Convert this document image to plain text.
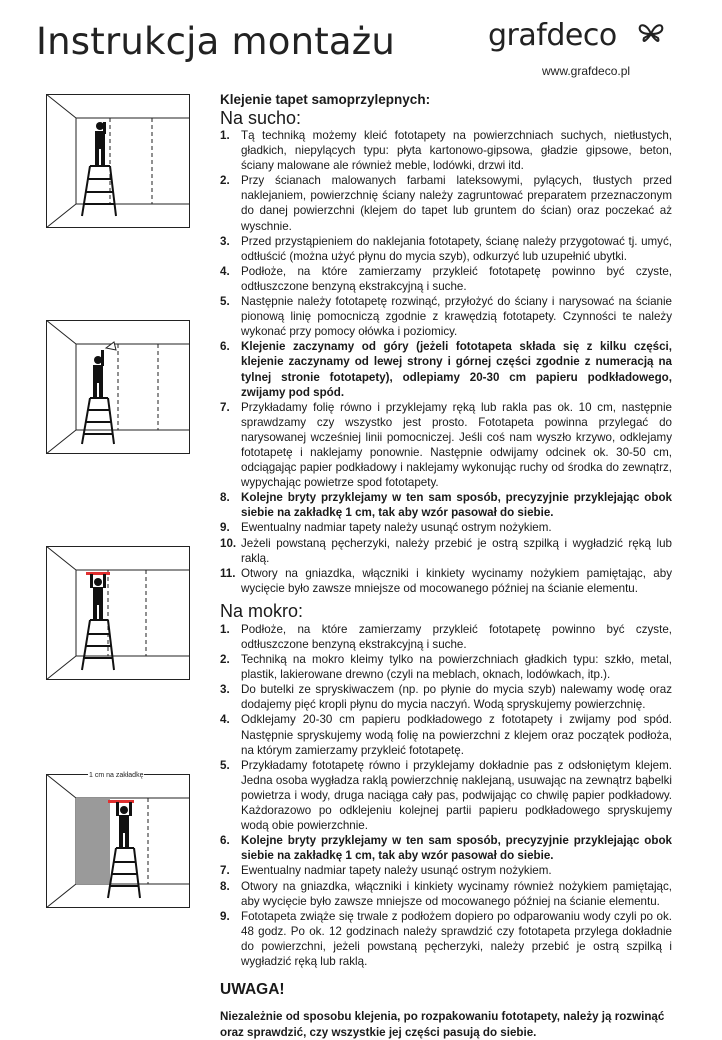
Instrukcja montażu	grafdeco
www.grafdeco.pl
1 cm na zakładkę
Klejenie tapet samoprzylepnych:
Na sucho:
1. Tą techniką możemy kleić fototapety na powierzchniach suchych, nietłustych, gładkich, niepylących typu: płyta kartonowo-gipsowa, gładzie gipsowe, beton, ściany malowane ale również meble, lodówki, drzwi itd.
2. Przy ścianach malowanych farbami lateksowymi, pylących, tłustych przed naklejaniem, powierzchnię ściany należy zagruntować preparatem przeznaczonym do danej powierzchni (klejem do tapet lub gruntem do ścian) oraz poczekać aż wyschnie.
3. Przed przystąpieniem do naklejania fototapety, ścianę należy przygotować tj. umyć, odtłuścić (można użyć płynu do mycia szyb), odkurzyć lub uzupełnić ubytki.
4. Podłoże, na które zamierzamy przykleić fototapetę powinno być czyste, odtłuszczone benzyną ekstrakcyjną i suche.
5. Następnie należy fototapetę rozwinąć, przyłożyć do ściany i narysować na ścianie pionową linię pomocniczą zgodnie z krawędzią fototapety. Czynności te należy wykonać przy pomocy ołówka i poziomicy.
6. Klejenie zaczynamy od góry (jeżeli fototapeta składa się z kilku części, klejenie zaczynamy od lewej strony i górnej części zgodnie z numeracją na tylnej stronie fototapety), odlepiamy 20-30 cm papieru podkładowego, zwijamy pod spód.
7. Przykładamy folię równo i przyklejamy ręką lub rakla pas ok. 10 cm, następnie sprawdzamy czy wszystko jest prosto. Fototapeta powinna przylegać do narysowanej wcześniej linii pomocniczej. Jeśli coś nam wyszło krzywo, odklejamy fototapetę i naklejamy ponownie. Następnie odwijamy odcinek ok. 30-50 cm, odciągając papier podkładowy i naklejamy wykonując ruchy od środka do zewnątrz, wypychając powietrze spod fototapety.
8. Kolejne bryty przyklejamy w ten sam sposób, precyzyjnie przyklejając obok siebie na zakładkę 1 cm, tak aby wzór pasował do siebie.
9. Ewentualny nadmiar tapety należy usunąć ostrym nożykiem.
10. Jeżeli powstaną pęcherzyki, należy przebić je ostrą szpilką i wygładzić ręką lub raklą.
11. Otwory na gniazdka, włączniki i kinkiety wycinamy nożykiem pamiętając, aby wycięcie było zawsze mniejsze od mocowanego później na ścianie elementu.
Na mokro:
1. Podłoże, na które zamierzamy przykleić fototapetę powinno być czyste, odtłuszczone benzyną ekstrakcyjną i suche.
2. Techniką na mokro kleimy tylko na powierzchniach gładkich typu: szkło, metal, plastik, lakierowane drewno (czyli na meblach, oknach, lodówkach, itp.).
3. Do butelki ze spryskiwaczem (np. po płynie do mycia szyb) nalewamy wodę oraz dodajemy pięć kropli płynu do mycia naczyń. Wodą spryskujemy powierzchnię.
4. Odklejamy 20-30 cm papieru podkładowego z fototapety i zwijamy pod spód. Następnie spryskujemy wodą folię na powierzchni z klejem oraz początek podłoża, na którym zamierzamy przykleić fototapetę.
5. Przykładamy fototapetę równo i przyklejamy dokładnie pas z odsłoniętym klejem. Jedna osoba wygładza raklą powierzchnię naklejaną, usuwając na zewnątrz bąbelki powietrza i wody, druga naciąga cały pas, podwijając co chwilę papier podkładowy. Każdorazowo po odklejeniu kolejnej partii papieru podkładowego spryskujemy wodą obie powierzchnie.
6. Kolejne bryty przyklejamy w ten sam sposób, precyzyjnie przyklejając obok siebie na zakładkę 1 cm, tak aby wzór pasował do siebie.
7. Ewentualny nadmiar tapety należy usunąć ostrym nożykiem.
8. Otwory na gniazdka, włączniki i kinkiety wycinamy również nożykiem pamiętając, aby wycięcie było zawsze mniejsze od mocowanego później na ścianie elementu.
9. Fototapeta zwiąże się trwale z podłożem dopiero po odparowaniu wody czyli po ok. 48 godz. Po ok. 12 godzinach należy sprawdzić czy fototapeta przylega dokładnie do powierzchni, jeżeli powstaną pęcherzyki, należy przebić je ostrą szpilką i wygładzić ręką lub raklą.
UWAGA!
Niezależnie od sposobu klejenia, po rozpakowaniu fototapety, należy ją rozwinąć oraz sprawdzić, czy wszystkie jej części pasują do siebie.
